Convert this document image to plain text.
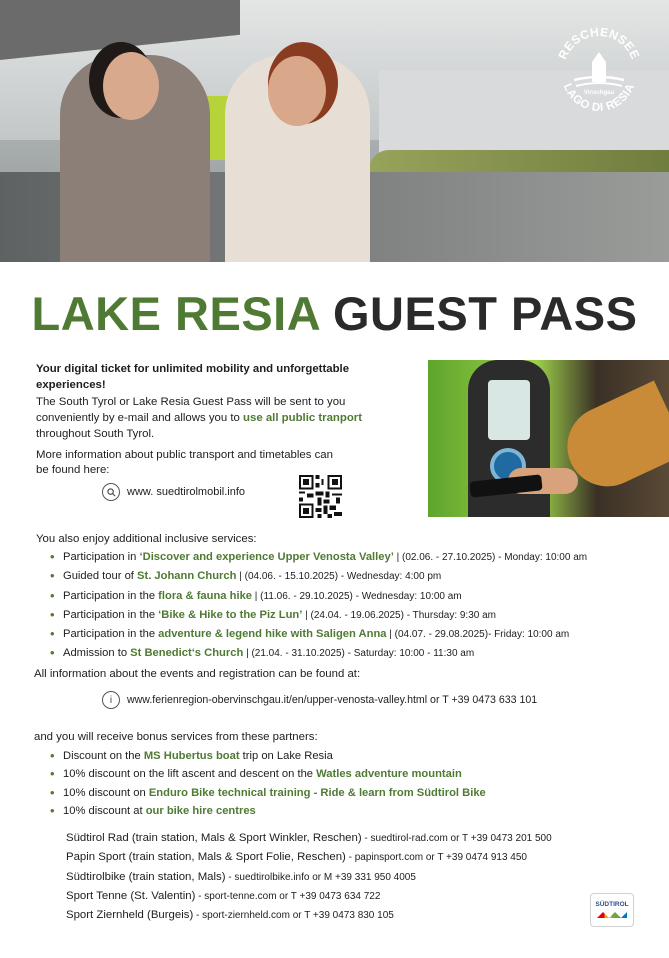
RESCHENSEE
LAGO DI RESIA
Vinschgau
LAKE RESIA GUEST PASS
Your digital ticket for unlimited mobility and unforgettable experiences!
The South Tyrol or Lake Resia Guest Pass will be sent to you conveniently by e-mail and allows you to use all public tranport throughout South Tyrol.
More information about public transport and timetables can be found here:
www. suedtirolmobil.info
You also enjoy additional inclusive services:
• Participation in ‘Discover and experience Upper Venosta Valley’ | (02.06. - 27.10.2025) - Monday: 10:00 am
• Guided tour of St. Johann Church | (04.06. - 15.10.2025) - Wednesday: 4:00 pm
• Participation in the flora & fauna hike | (11.06. - 29.10.2025) - Wednesday: 10:00 am
• Participation in the ‘Bike & Hike to the Piz Lun’ | (24.04. - 19.06.2025) - Thursday: 9:30 am
• Participation in the adventure & legend hike with Saligen Anna | (04.07. - 29.08.2025)- Friday: 10:00 am
• Admission to St Benedict‘s Church | (21.04. - 31.10.2025) - Saturday: 10:00 - 11:30 am
All information about the events and registration can be found at:
i	www.ferienregion-obervinschgau.it/en/upper-venosta-valley.html or T +39 0473 633 101
and you will receive bonus services from these partners:
• Discount on the MS Hubertus boat trip on Lake Resia
• 10% discount on the lift ascent and descent on the Watles adventure mountain
• 10% discount on Enduro Bike technical training - Ride & learn from Südtirol Bike
• 10% discount at our bike hire centres
Südtirol Rad (train station, Mals & Sport Winkler, Reschen) - suedtirol-rad.com or T +39 0473 201 500
Papin Sport (train station, Mals & Sport Folie, Reschen) - papinsport.com or T +39 0474 913 450
Südtirolbike (train station, Mals) - suedtirolbike.info or M +39 331 950 4005
Sport Tenne (St. Valentin) - sport-tenne.com or T +39 0473 634 722
Sport Ziernheld (Burgeis) - sport-ziernheld.com or T +39 0473 830 105
SÜDTIROL
